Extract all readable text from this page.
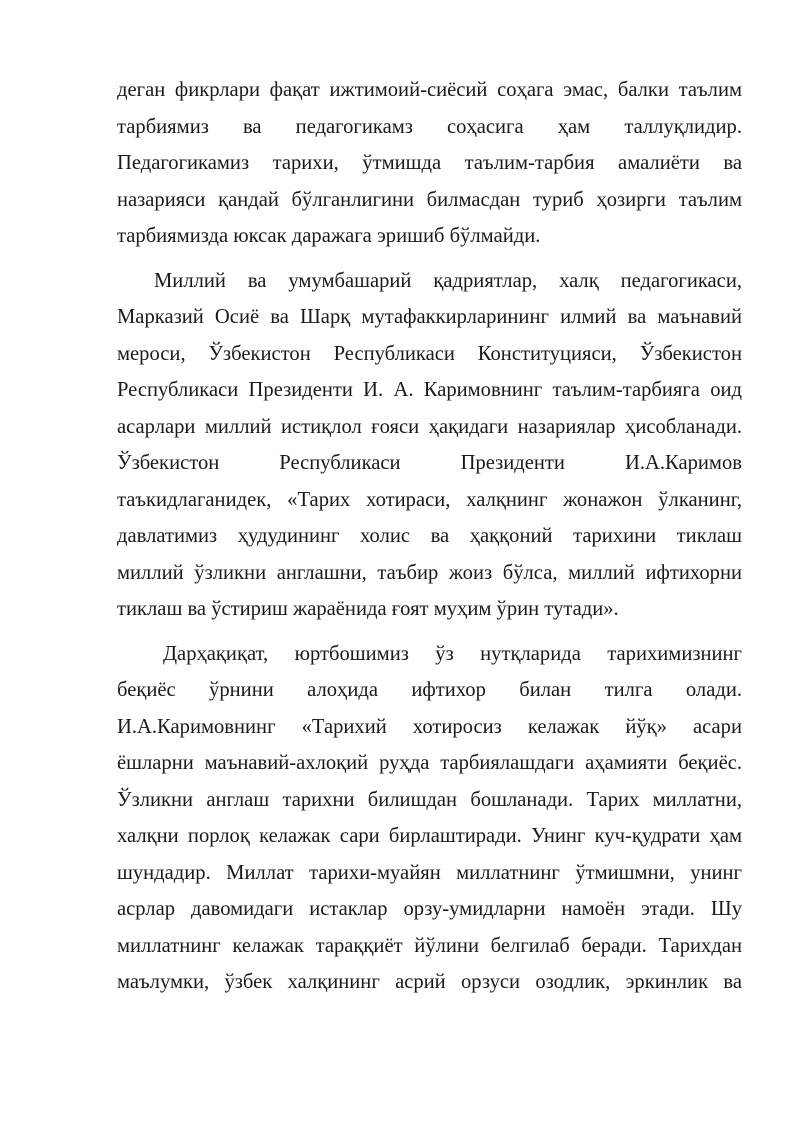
деган фикрлари фақат ижтимоий-сиёсий соҳага эмас, балки таълим
тарбиямиз ва педагогикамз соҳасига ҳам таллуқлидир.
Педагогикамиз тарихи, ўтмишда таълим-тарбия амалиёти ва
назарияси қандай бўлганлигини билмасдан туриб ҳозирги таълим
тарбиямизда юксак даражага эришиб бўлмайди.
Миллий ва умумбашарий қадриятлар, халқ педагогикаси,
Марказий Осиё ва Шарқ мутафаккирларининг илмий ва маънавий
мероси, Ўзбекистон Республикаси Конституцияси, Ўзбекистон
Республикаси Президенти И. А. Каримовнинг таълим-тарбияга оид
асарлари миллий истиқлол ғояси ҳақидаги назариялар ҳисобланади.
Ўзбекистон Республикаси Президенти И.А.Каримов
таъкидлаганидек, «Тарих хотираси, халқнинг жонажон ўлканинг,
давлатимиз ҳудудининг холис ва ҳаққоний тарихини тиклаш
миллий ўзликни англашни, таъбир жоиз бўлса, миллий ифтихорни
тиклаш ва ўстириш жараёнида ғоят муҳим ўрин тутади».
Дарҳақиқат, юртбошимиз ўз нутқларида тарихимизнинг
беқиёс ўрнини алоҳида ифтихор билан тилга олади.
И.А.Каримовнинг «Тарихий хотиросиз келажак йўқ» асари
ёшларни маънавий-ахлоқий руҳда тарбиялашдаги аҳамияти беқиёс.
Ўзликни англаш тарихни билишдан бошланади. Тарих миллатни,
халқни порлоқ келажак сари бирлаштиради. Унинг куч-қудрати ҳам
шундадир. Миллат тарихи-муайян миллатнинг ўтмишмни, унинг
асрлар давомидаги истаклар орзу-умидларни намоён этади. Шу
миллатнинг келажак тараққиёт йўлини белгилаб беради. Тарихдан
маълумки, ўзбек халқининг асрий орзуси озодлик, эркинлик ва
